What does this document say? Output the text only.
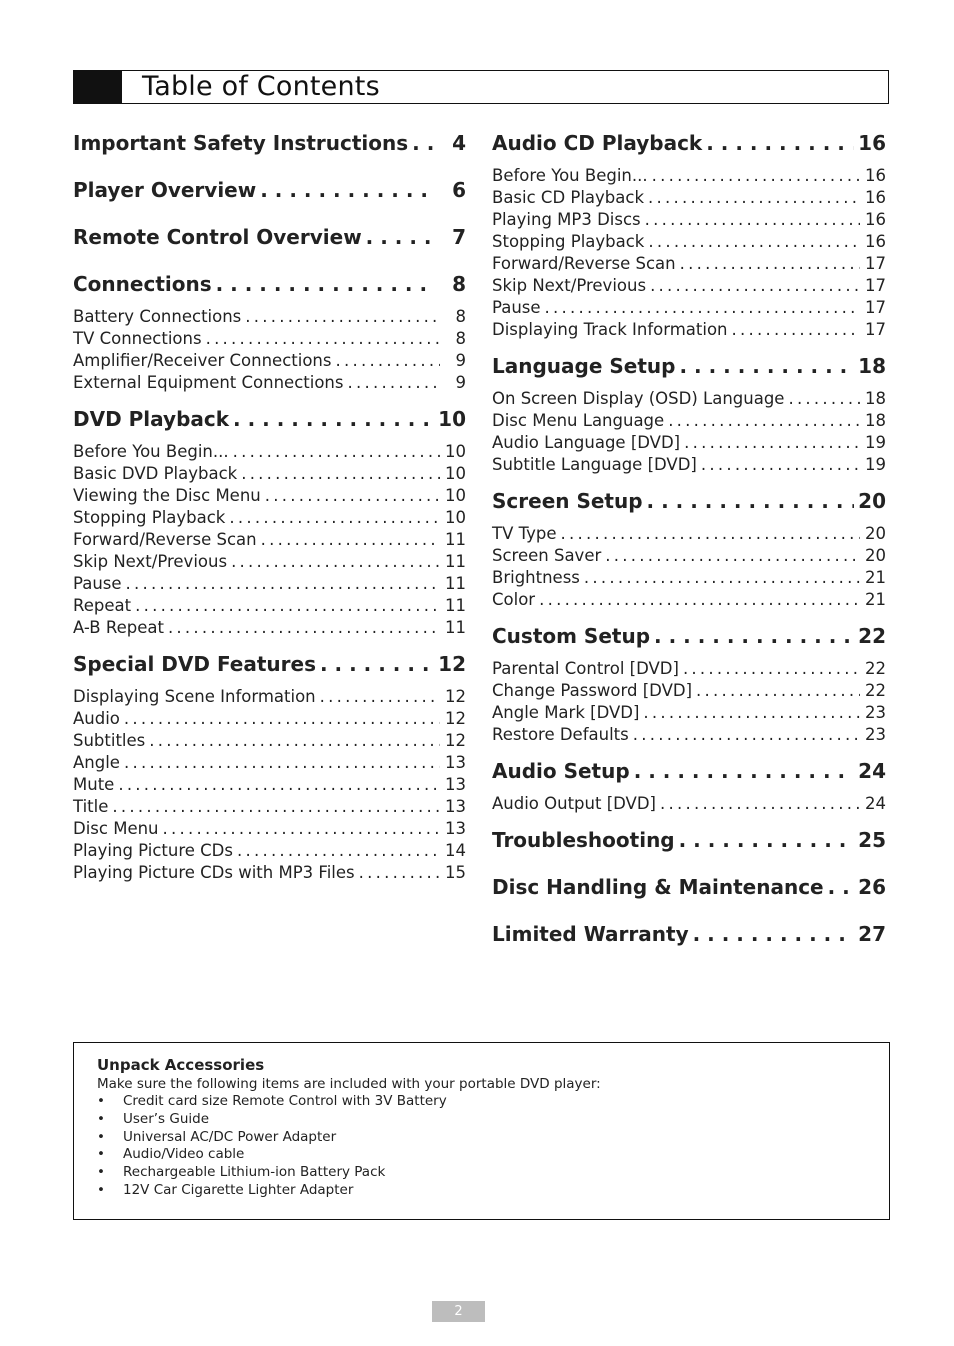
Table of Contents
Important Safety Instructions . . .	4
Player Overview . . .	6
Remote Control Overview . . .	7
Connections . . .	8
Battery Connections . . .	8
TV Connections . . .	8
Amplifier/Receiver Connections . . .	9
External Equipment Connections . . .	9
DVD Playback . . .	10
Before You Begin... . . .	10
Basic DVD Playback . . .	10
Viewing the Disc Menu . . .	10
Stopping Playback . . .	10
Forward/Reverse Scan . . .	11
Skip Next/Previous . . .	11
Pause . . .	11
Repeat . . .	11
A-B Repeat . . .	11
Special DVD Features . . .	12
Displaying Scene Information . . .	12
Audio . . .	12
Subtitles . . .	12
Angle . . .	13
Mute . . .	13
Title . . .	13
Disc Menu . . .	13
Playing Picture CDs . . .	14
Playing Picture CDs with MP3 Files . . .	15
Audio CD Playback . . .	16
Before You Begin... . . .	16
Basic CD Playback . . .	16
Playing MP3 Discs . . .	16
Stopping Playback . . .	16
Forward/Reverse Scan . . .	17
Skip Next/Previous . . .	17
Pause . . .	17
Displaying Track Information . . .	17
Language Setup . . .	18
On Screen Display (OSD) Language . . .	18
Disc Menu Language . . .	18
Audio Language [DVD] . . .	19
Subtitle Language [DVD] . . .	19
Screen Setup . . .	20
TV Type . . .	20
Screen Saver . . .	20
Brightness . . .	21
Color . . .	21
Custom Setup . . .	22
Parental Control [DVD] . . .	22
Change Password [DVD] . . .	22
Angle Mark [DVD] . . .	23
Restore Defaults . . .	23
Audio Setup . . .	24
Audio Output [DVD] . . .	24
Troubleshooting . . .	25
Disc Handling & Maintenance . . . 26
Limited Warranty . . .	27
Unpack Accessories
Make sure the following items are included with your portable DVD player:
• Credit card size Remote Control with 3V Battery
• User’s Guide
• Universal AC/DC Power Adapter
• Audio/Video cable
• Rechargeable Lithium-ion Battery Pack
• 12V Car Cigarette Lighter Adapter
2
